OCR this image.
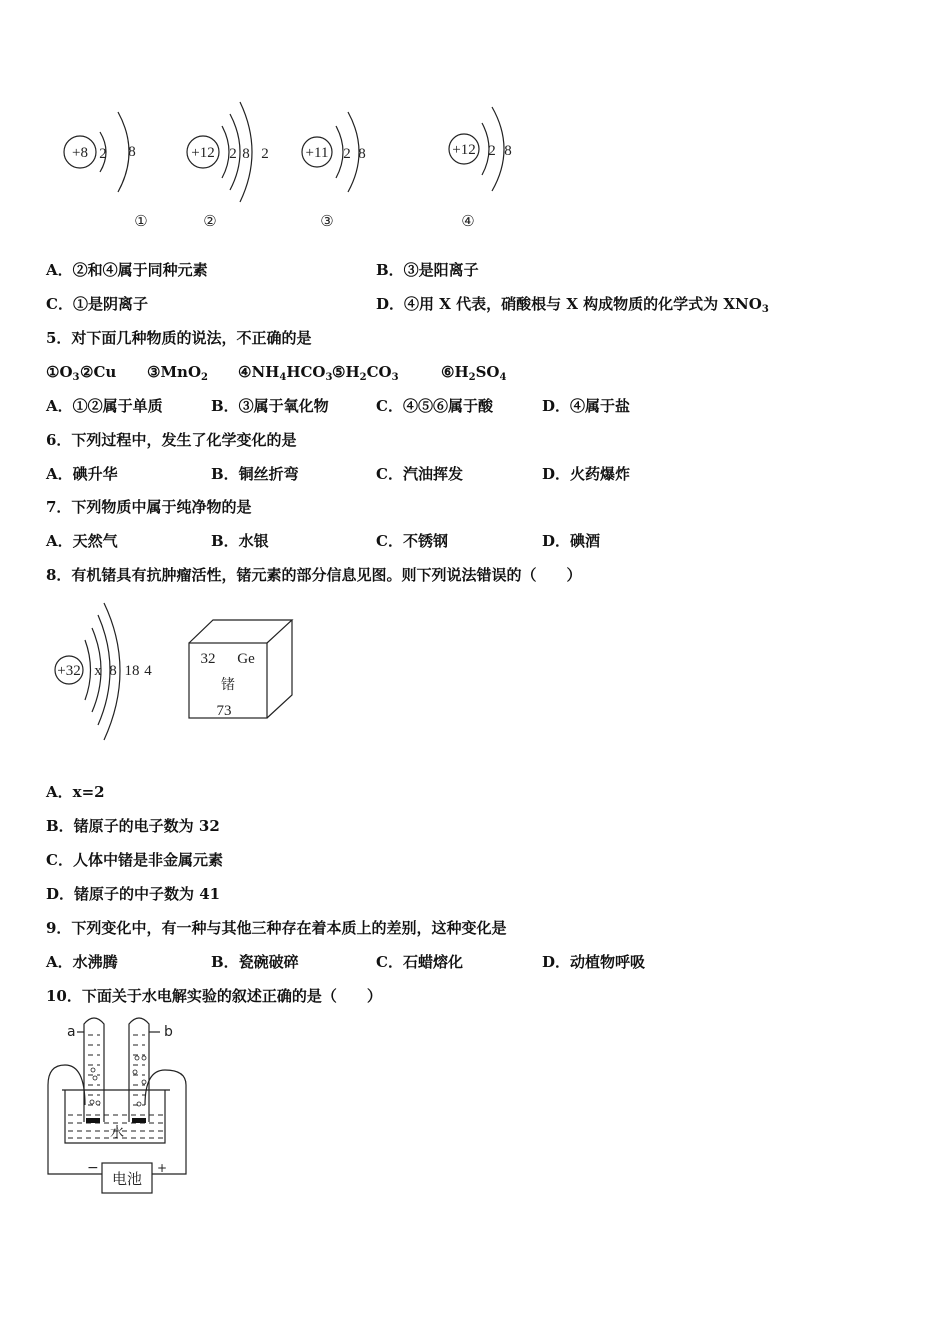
+8 2 8
①
+12 2 8 2
②
+11 2 8
③
+12 2 8
④
A．②和④属于同种元素	B．③是阳离子
C．①是阴离子	D．④用 X 代表，硝酸根与 X 构成物质的化学式为 $XNO_3$
5．对下面几种物质的说法，不正确的是
$①O_3$ ②Cu ③MnO$_2$ $④NH_4HCO_3$ $⑤H_2CO_3$	$⑥H_2SO_4$
A．①②属于单质	B．③属于氧化物	C．④⑤⑥属于酸	D．④属于盐
6．下列过程中，发生了化学变化的是
A．碘升华	B．铜丝折弯	C．汽油挥发	D．火药爆炸
7．下列物质中属于纯净物的是
A．天然气	B．水银	C．不锈钢	D．碘酒
8．有机锗具有抗肿瘤活性，锗元素的部分信息见图。则下列说法错误的（　　）
+32 x 8 18 4
32 Ge
锗
73
A．x=2
B．锗原子的电子数为 32
C．人体中锗是非金属元素
D．锗原子的中子数为 41
9．下列变化中，有一种与其他三种存在着本质上的差别，这种变化是
A．水沸腾	B．瓷碗破碎	C．石蜡熔化	D．动植物呼吸
10．下面关于水电解实验的叙述正确的是（　　）
a	b
水
电池
−	+
